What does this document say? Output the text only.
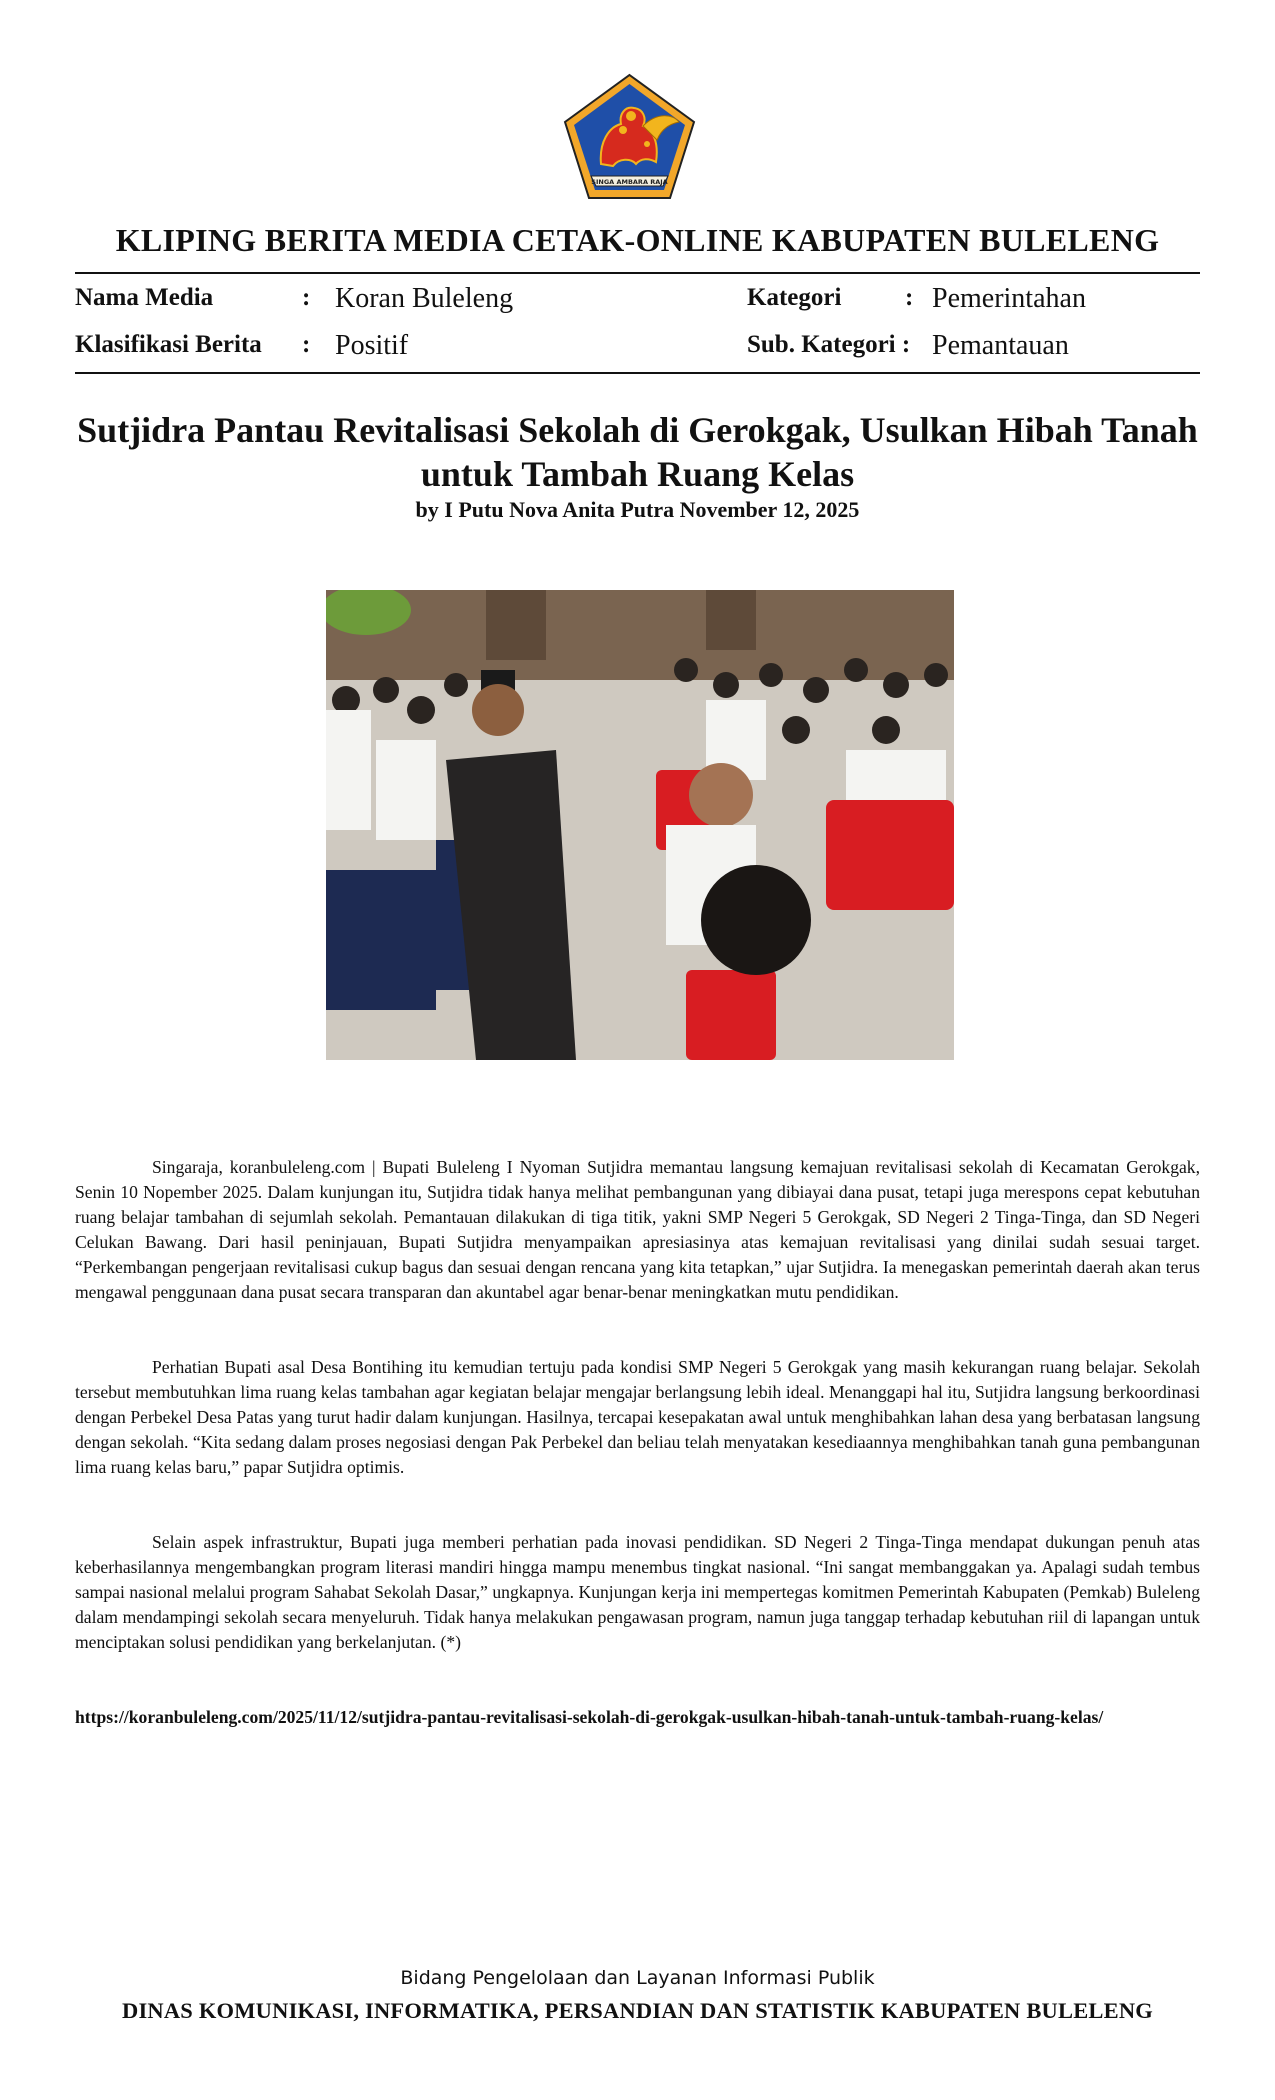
SINGA AMBARA RAJA
KLIPING BERITA MEDIA CETAK-ONLINE KABUPATEN BULELENG
Nama Media	: Koran Buleleng
Klasifikasi Berita : Positif
Kategori	: Pemerintahan
Sub. Kategori : Pemantauan
Sutjidra Pantau Revitalisasi Sekolah di Gerokgak, Usulkan Hibah Tanah untuk Tambah Ruang Kelas
by I Putu Nova Anita Putra November 12, 2025

Singaraja, koranbuleleng.com | Bupati Buleleng I Nyoman Sutjidra memantau langsung kemajuan revitalisasi sekolah di Kecamatan Gerokgak, Senin 10 Nopember 2025. Dalam kunjungan itu, Sutjidra tidak hanya melihat pembangunan yang dibiayai dana pusat, tetapi juga merespons cepat kebutuhan ruang belajar tambahan di sejumlah sekolah. Pemantauan dilakukan di tiga titik, yakni SMP Negeri 5 Gerokgak, SD Negeri 2 Tinga-Tinga, dan SD Negeri Celukan Bawang. Dari hasil peninjauan, Bupati Sutjidra menyampaikan apresiasinya atas kemajuan revitalisasi yang dinilai sudah sesuai target. “Perkembangan pengerjaan revitalisasi cukup bagus dan sesuai dengan rencana yang kita tetapkan,” ujar Sutjidra. Ia menegaskan pemerintah daerah akan terus mengawal penggunaan dana pusat secara transparan dan akuntabel agar benar-benar meningkatkan mutu pendidikan.

Perhatian Bupati asal Desa Bontihing itu kemudian tertuju pada kondisi SMP Negeri 5 Gerokgak yang masih kekurangan ruang belajar. Sekolah tersebut membutuhkan lima ruang kelas tambahan agar kegiatan belajar mengajar berlangsung lebih ideal. Menanggapi hal itu, Sutjidra langsung berkoordinasi dengan Perbekel Desa Patas yang turut hadir dalam kunjungan. Hasilnya, tercapai kesepakatan awal untuk menghibahkan lahan desa yang berbatasan langsung dengan sekolah. “Kita sedang dalam proses negosiasi dengan Pak Perbekel dan beliau telah menyatakan kesediaannya menghibahkan tanah guna pembangunan lima ruang kelas baru,” papar Sutjidra optimis.

Selain aspek infrastruktur, Bupati juga memberi perhatian pada inovasi pendidikan. SD Negeri 2 Tinga-Tinga mendapat dukungan penuh atas keberhasilannya mengembangkan program literasi mandiri hingga mampu menembus tingkat nasional. “Ini sangat membanggakan ya. Apalagi sudah tembus sampai nasional melalui program Sahabat Sekolah Dasar,” ungkapnya. Kunjungan kerja ini mempertegas komitmen Pemerintah Kabupaten (Pemkab) Buleleng dalam mendampingi sekolah secara menyeluruh. Tidak hanya melakukan pengawasan program, namun juga tanggap terhadap kebutuhan riil di lapangan untuk menciptakan solusi pendidikan yang berkelanjutan. (*)

https://koranbuleleng.com/2025/11/12/sutjidra-pantau-revitalisasi-sekolah-di-gerokgak-usulkan-hibah-tanah-untuk-tambah-ruang-kelas/
Bidang Pengelolaan dan Layanan Informasi Publik
DINAS KOMUNIKASI, INFORMATIKA, PERSANDIAN DAN STATISTIK KABUPATEN BULELENG
